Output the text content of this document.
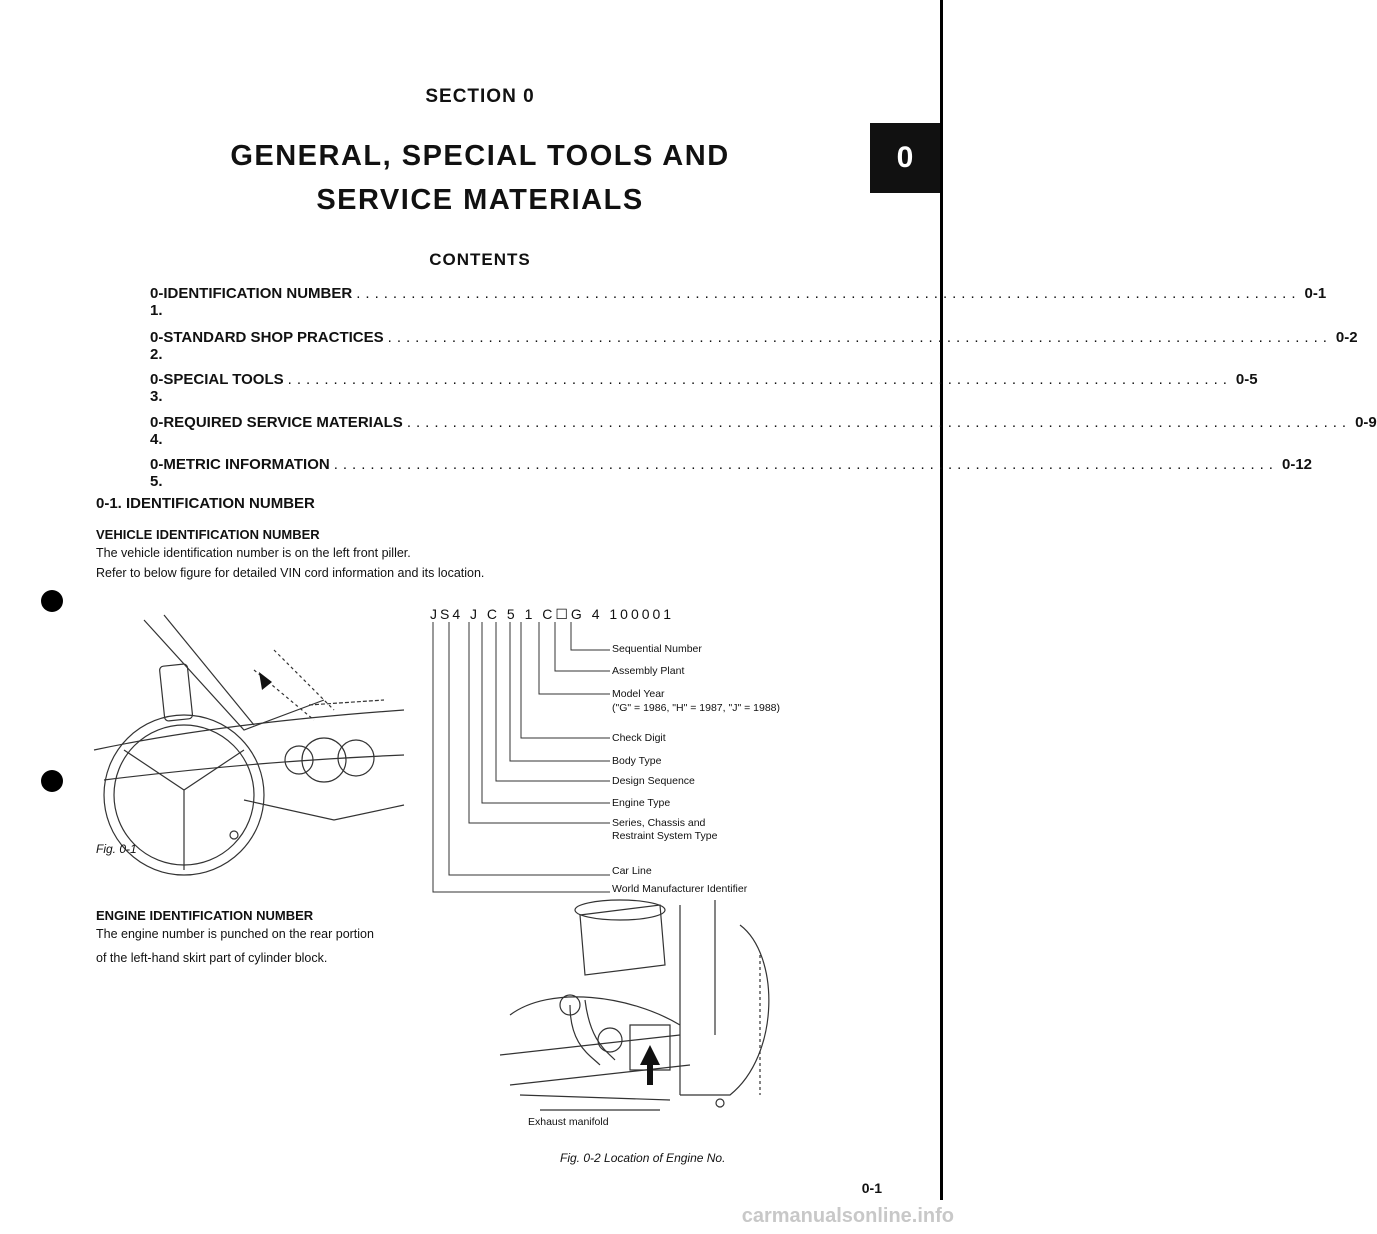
0
SECTION 0
GENERAL, SPECIAL TOOLS AND
SERVICE MATERIALS
CONTENTS
0-1.
IDENTIFICATION NUMBER ....................................................................................................... 0-1
0-2.
STANDARD SHOP PRACTICES ....................................................................................................... 0-2
0-3.
SPECIAL TOOLS ....................................................................................................... 0-5
0-4.
REQUIRED SERVICE MATERIALS ....................................................................................................... 0-9
0-5.
METRIC INFORMATION ....................................................................................................... 0-12
0-1. IDENTIFICATION NUMBER
VEHICLE IDENTIFICATION NUMBER
The vehicle identification number is on the left front piller.
Refer to below figure for detailed VIN cord information and its location.
Fig. 0-1
JS4 J C 5 1 C☐G 4 100001
Sequential Number
Assembly Plant
Model Year
("G" = 1986, "H" = 1987, "J" = 1988)
Check Digit
Body Type
Design Sequence
Engine Type
Series, Chassis and
Restraint System Type
Car Line
World Manufacturer Identifier
ENGINE IDENTIFICATION NUMBER
The engine number is punched on the rear portion
of the left-hand skirt part of cylinder block.
Exhaust manifold
Fig. 0-2 Location of Engine No.
0-1
carmanualsonline.info
